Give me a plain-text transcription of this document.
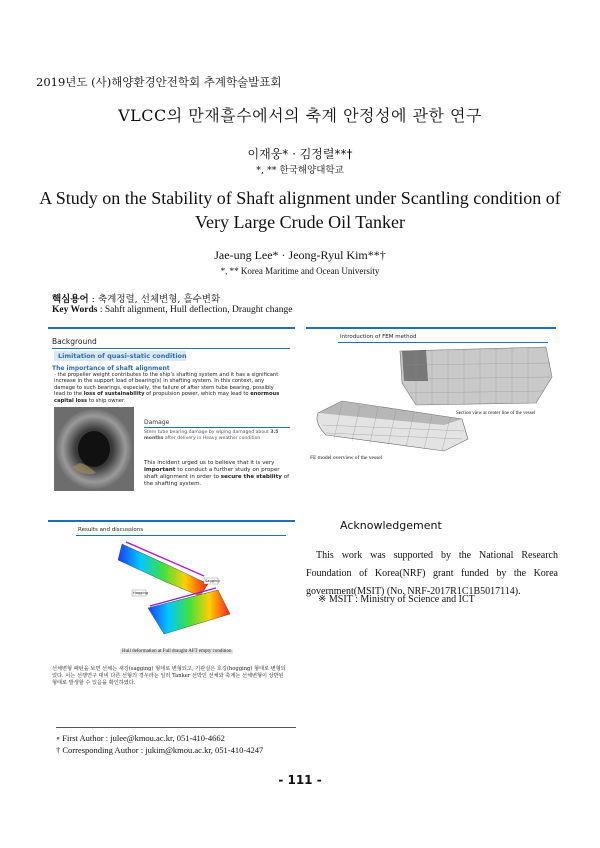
2019년도 (사)해양환경안전학회 추계학술발표회
VLCC의 만재흘수에서의 축계 안정성에 관한 연구
이재웅* · 김정렬**†
*, ** 한국해양대학교
A Study on the Stability of Shaft alignment under Scantling condition of
Very Large Crude Oil Tanker
Jae-ung Lee* · Jeong-Ryul Kim**†
*, ** Korea Maritime and Ocean University
핵심용어 : 축계정렬, 선체변형, 흘수변화
Key Words : Sahft alignment, Hull deflection, Draught change
Background
Limitation of quasi-static condition
The importance of shaft alignment
- the propeller weight contributes to the ship's shafting system and it has a significant increase in the support load of bearing(s) in shafting system. In this context, any damage to such bearings, especially, the failure of after stern tube bearing, possibly lead to the loss of sustainability of propulsion power, which may lead to enormous capital loss to ship owner.
Damage
Stern tube bearing damage by wiping damaged about 3.5 months after delivery in Heavy weather condition
This incident urged us to believe that it is very important to conduct a further study on proper shaft alignment in order to secure the stability of the shafting system.
Introduction of FEM method
Section view at center line of the vessel
FE model overview of the vessel
Results and discussions
Sagging
Hogging
Hull deformation at Full draught AFT empty condition
선체변형 패턴을 보면 선체는 새깅(sagging) 형태로 변형되고, 기관실은 호깅(hogging) 형태로 변형되었다. 이는 선행연구 대비 다른 선형의 경우라는 일러 Tanker 선박인 선체와 축계는 선체변형이 상반된 형태로 발생할 수 있음을 확인하였다.
Acknowledgement
This work was supported by the National Research Foundation of Korea(NRF) grant funded by the Korea government(MSIT) (No. NRF-2017R1C1B5017114).
※ MSIT : Ministry of Science and ICT
∘ First Author : julee@kmou.ac.kr, 051-410-4662
† Corresponding Author : jukim@kmou.ac.kr, 051-410-4247
- 111 -
